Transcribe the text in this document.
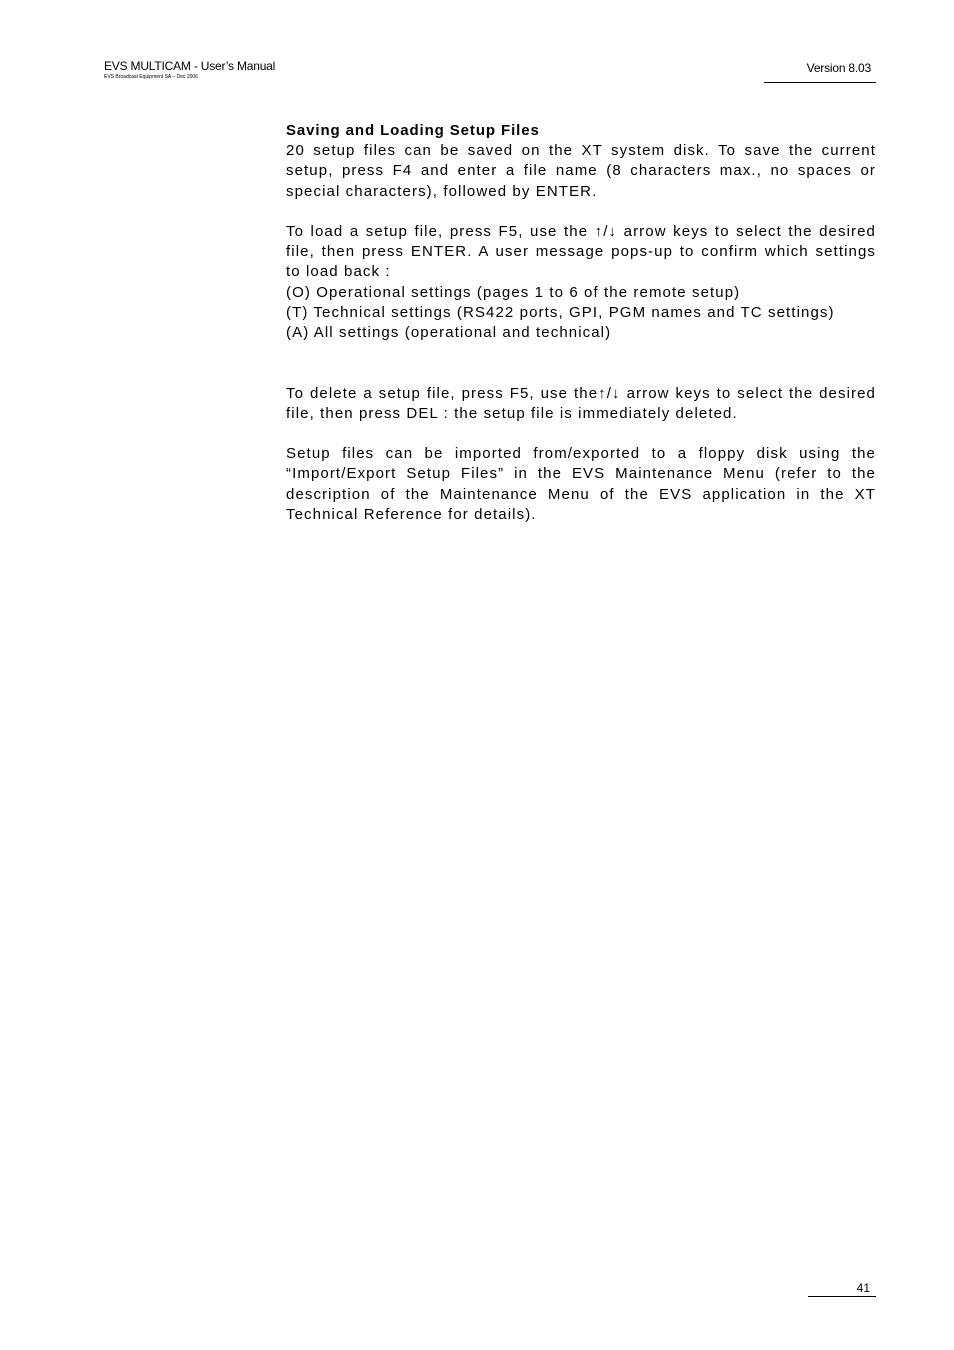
EVS MULTICAM - User’s Manual
EVS Broadcast Equipment SA – Dec 2006
Version 8.03

Saving and Loading Setup Files

20 setup files can be saved on the XT system disk. To save the current setup, press F4 and enter a file name (8 characters max., no spaces or special characters), followed by ENTER.

To load a setup file, press F5, use the ↑/↓ arrow keys to select the desired file, then press ENTER. A user message pops-up to confirm which settings to load back :

(O) Operational settings (pages 1 to 6 of the remote setup)

(T) Technical settings (RS422 ports, GPI, PGM names and TC settings)

(A) All settings (operational and technical)

To delete a setup file, press F5, use the↑/↓ arrow keys to select the desired file, then press DEL : the setup file is immediately deleted.

Setup files can be imported from/exported to a floppy disk using the “Import/Export Setup Files” in the EVS Maintenance Menu (refer to the description of the Maintenance Menu of the EVS application in the XT Technical Reference for details).

41
